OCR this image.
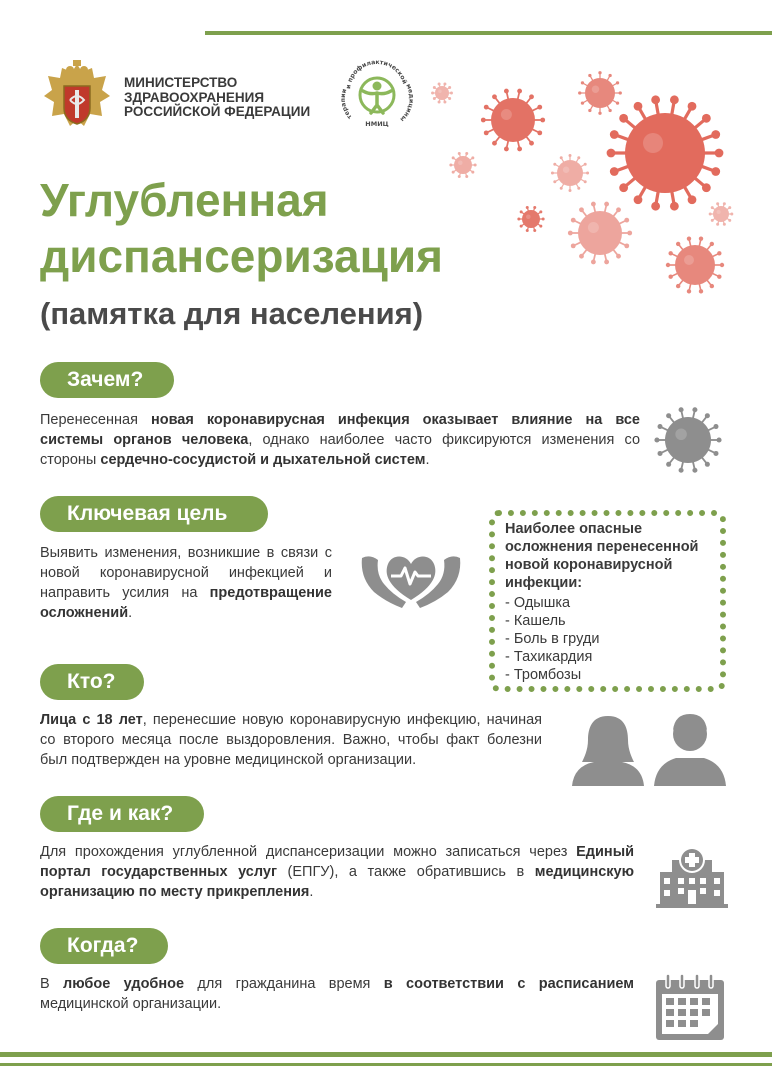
МИНИСТЕРСТВО
ЗДРАВООХРАНЕНИЯ
РОССИЙСКОЙ ФЕДЕРАЦИИ
и профилактической
терапии
медицины
НМИЦ
Углубленная
диспансеризация
(памятка для населения)
Зачем?

Перенесенная новая коронавирусная инфекция оказывает влияние на все системы органов человека, однако наиболее часто фиксируются изменения со стороны сердечно-сосудистой и дыхательной систем.

Ключевая цель

Выявить изменения, возникшие в связи с новой коронавирусной инфекцией и направить усилия на предотвращение осложнений.

Наиболее опасные осложнения перенесенной новой коронавирусной инфекции:
- Одышка
- Кашель
- Боль в груди
- Тахикардия
- Тромбозы
Кто?

Лица с 18 лет, перенесшие новую коронавирусную инфекцию, начиная со второго месяца после выздоровления. Важно, чтобы факт болезни был подтвержден на уровне медицинской организации.

Где и как?

Для прохождения углубленной диспансеризации можно записаться через Единый портал государственных услуг (ЕПГУ), а также обратившись в медицинскую организацию по месту прикрепления.

Когда?

В любое удобное для гражданина время в соответствии с расписанием медицинской организации.
